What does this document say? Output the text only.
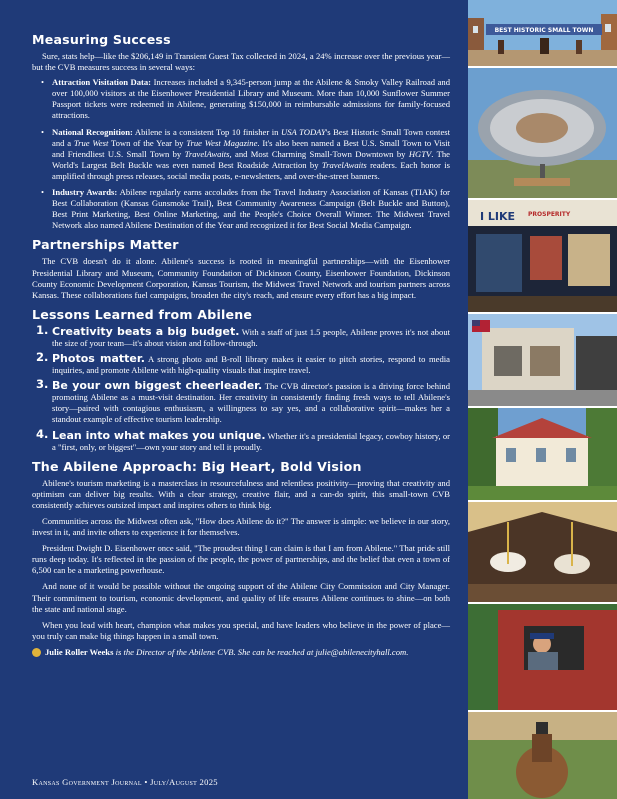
Measuring Success

Sure, stats help—like the $206,149 in Transient Guest Tax collected in 2024, a 24% increase over the previous year—but the CVB measures success in several ways:

• Attraction Visitation Data: Increases included a 9,345-person jump at the Abilene & Smoky Valley Railroad and over 100,000 visitors at the Eisenhower Presidential Library and Museum. More than 10,000 Sunflower Summer Passport tickets were redeemed in Abilene, generating $150,000 in reimbursable admissions for family-focused attractions.
• National Recognition: Abilene is a consistent Top 10 finisher in USA TODAY's Best Historic Small Town contest and a True West Town of the Year by True West Magazine. It's also been named a Best U.S. Small Town to Visit and Friendliest U.S. Small Town by TravelAwaits, and Most Charming Small-Town Downtown by HGTV. The World's Largest Belt Buckle was even named Best Roadside Attraction by TravelAwaits readers. Each honor is amplified through press releases, social media posts, e-newsletters, and over-the-street banners.
• Industry Awards: Abilene regularly earns accolades from the Travel Industry Association of Kansas (TIAK) for Best Collaboration (Kansas Gunsmoke Trail), Best Community Awareness Campaign (Belt Buckle and Button), Best Print Marketing, Best Online Marketing, and the People's Choice Overall Winner. The Midwest Travel Network also named Abilene Destination of the Year and recognized it for Best Social Media Campaign.
Partnerships Matter

The CVB doesn't do it alone. Abilene's success is rooted in meaningful partnerships—with the Eisenhower Presidential Library and Museum, Community Foundation of Dickinson County, Eisenhower Foundation, Dickinson County Economic Development Corporation, Kansas Tourism, the Midwest Travel Network and tourism partners across Kansas. These collaborations fuel campaigns, broaden the city's reach, and ensure every effort has a big impact.

Lessons Learned from Abilene
1. Creativity beats a big budget. With a staff of just 1.5 people, Abilene proves it's not about the size of your team—it's about vision and follow-through.
2. Photos matter. A strong photo and B-roll library makes it easier to pitch stories, respond to media inquiries, and promote Abilene with high-quality visuals that inspire travel.
3. Be your own biggest cheerleader. The CVB director's passion is a driving force behind promoting Abilene as a must-visit destination. Her creativity in consistently finding fresh ways to tell Abilene's story—paired with contagious enthusiasm, a willingness to say yes, and a collaborative spirit—makes her a standout example of effective tourism leadership.
4. Lean into what makes you unique. Whether it's a presidential legacy, cowboy history, or a "first, only, or biggest"—own your story and tell it proudly.
The Abilene Approach: Big Heart, Bold Vision

Abilene's tourism marketing is a masterclass in resourcefulness and relentless positivity—proving that creativity and optimism can deliver big results. With a clear strategy, creative flair, and a can-do spirit, this small-town CVB consistently achieves outsized impact and inspires others to think big.

Communities across the Midwest often ask, "How does Abilene do it?" The answer is simple: we believe in our story, invest in it, and invite others to experience it for themselves.

President Dwight D. Eisenhower once said, "The proudest thing I can claim is that I am from Abilene." That pride still runs deep today. It's reflected in the passion of the people, the power of partnerships, and the belief that even a town of 6,500 can be a marketing powerhouse.

And none of it would be possible without the ongoing support of the Abilene City Commission and City Manager. Their commitment to tourism, economic development, and quality of life ensures Abilene continues to shine—on both the state and national stage.

When you lead with heart, champion what makes you special, and have leaders who believe in the power of place—you truly can make big things happen in a small town.

Julie Roller Weeks is the Director of the Abilene CVB. She can be reached at julie@abilenecityhall.com.
Kansas Government Journal • July/August 2025
BEST HISTORIC SMALL TOWN
I LIKE PROSPERITY
